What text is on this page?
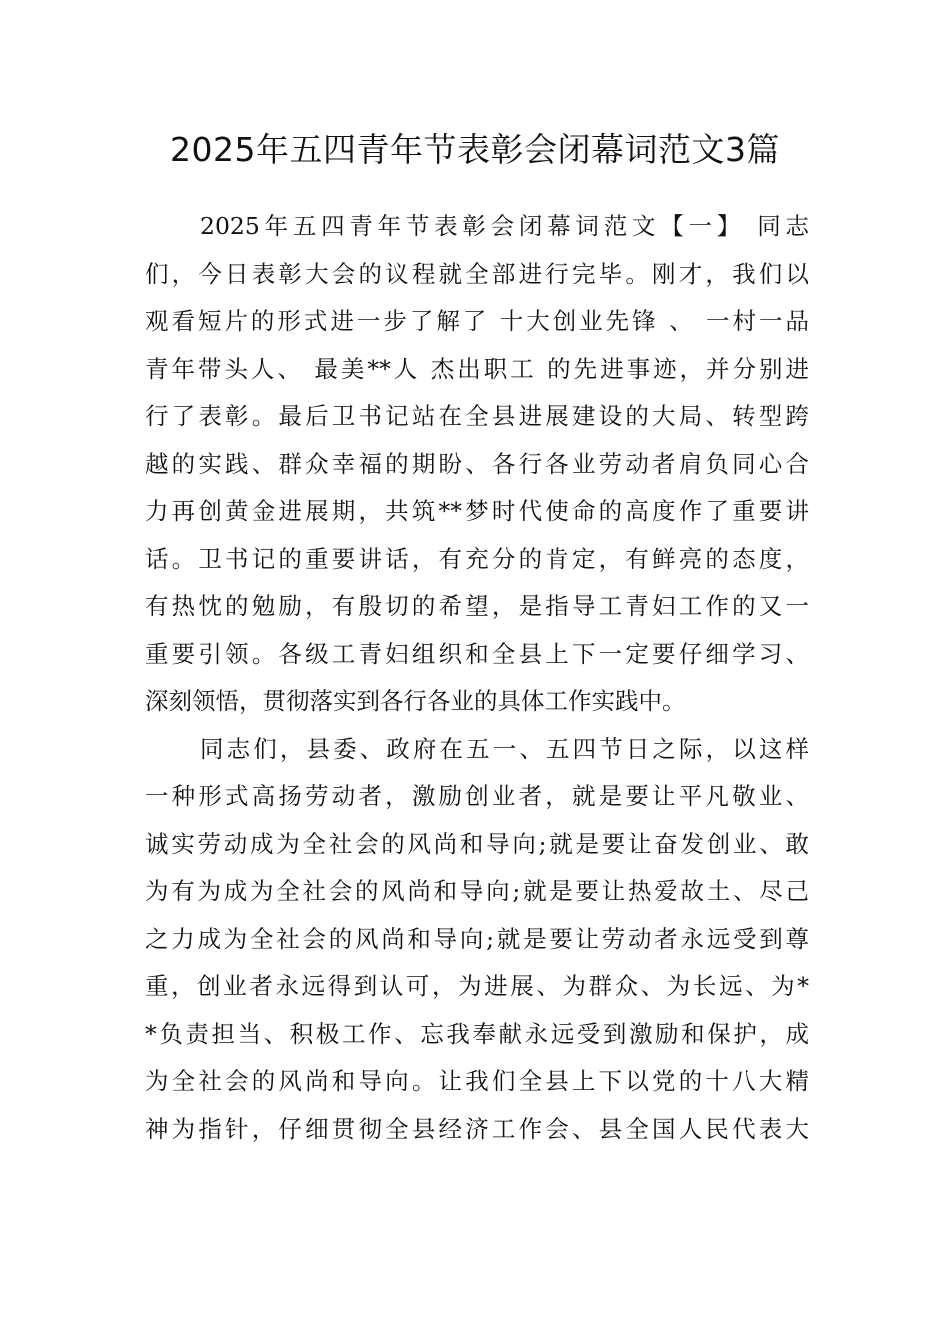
2025年五四青年节表彰会闭幕词范文3篇
2025年五四青年节表彰会闭幕词范文【一】 同志
们，今日表彰大会的议程就全部进行完毕。刚才，我们以
观看短片的形式进一步了解了 十大创业先锋 、 一村一品
青年带头人、 最美**人 杰出职工 的先进事迹，并分别进
行了表彰。最后卫书记站在全县进展建设的大局、转型跨
越的实践、群众幸福的期盼、各行各业劳动者肩负同心合
力再创黄金进展期，共筑**梦时代使命的高度作了重要讲
话。卫书记的重要讲话，有充分的肯定，有鲜亮的态度，
有热忱的勉励，有殷切的希望，是指导工青妇工作的又一
重要引领。各级工青妇组织和全县上下一定要仔细学习、
深刻领悟，贯彻落实到各行各业的具体工作实践中。
同志们，县委、政府在五一、五四节日之际，以这样
一种形式高扬劳动者，激励创业者，就是要让平凡敬业、
诚实劳动成为全社会的风尚和导向;就是要让奋发创业、敢
为有为成为全社会的风尚和导向;就是要让热爱故土、尽己
之力成为全社会的风尚和导向;就是要让劳动者永远受到尊
重，创业者永远得到认可，为进展、为群众、为长远、为*
*负责担当、积极工作、忘我奉献永远受到激励和保护，成
为全社会的风尚和导向。让我们全县上下以党的十八大精
神为指针，仔细贯彻全县经济工作会、县全国人民代表大
